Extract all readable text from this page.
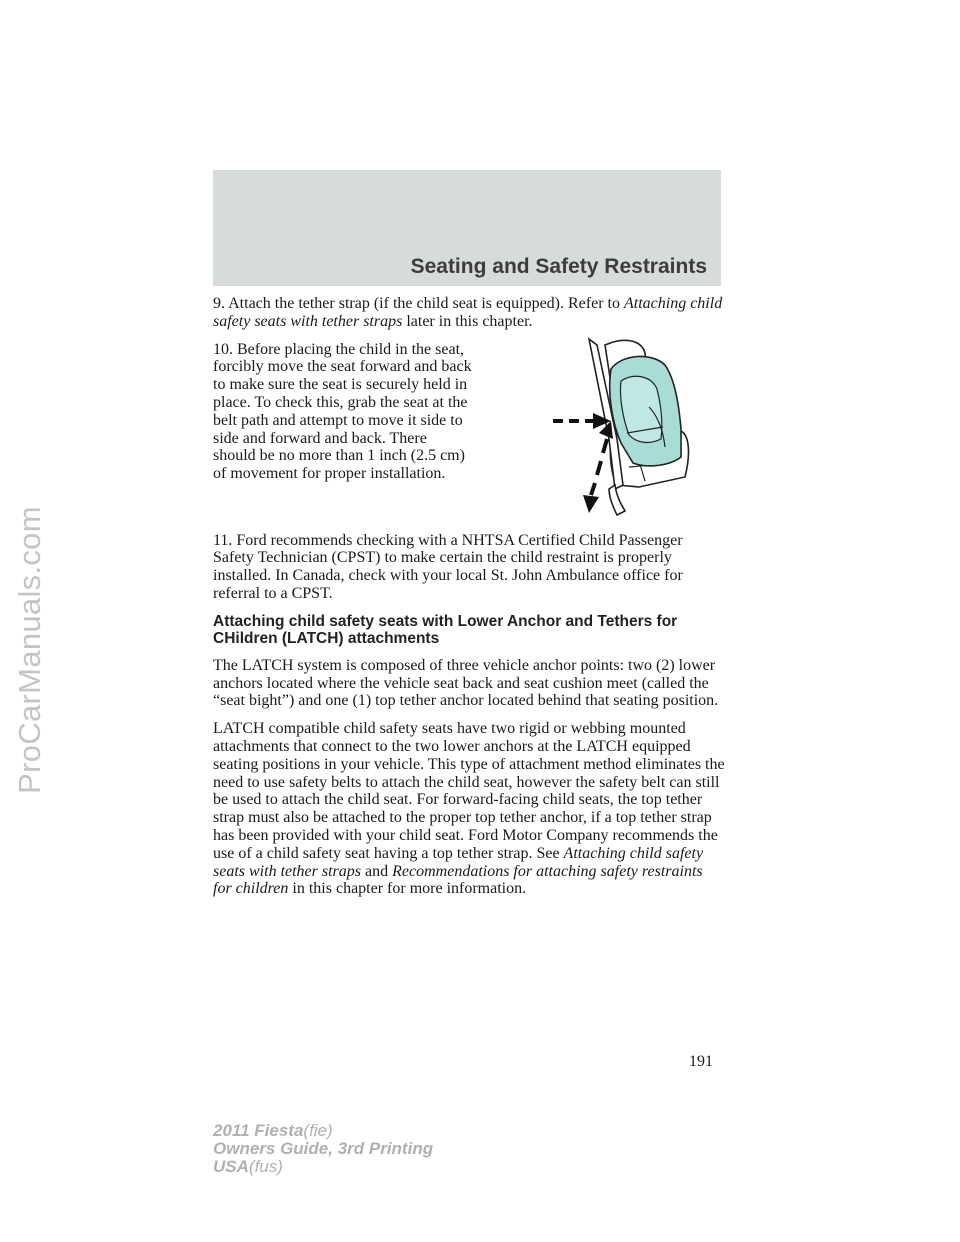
ProCarManuals.com
Seating and Safety Restraints

9. Attach the tether strap (if the child seat is equipped). Refer to Attaching child safety seats with tether straps later in this chapter.

10. Before placing the child in the seat, forcibly move the seat forward and back to make sure the seat is securely held in place. To check this, grab the seat at the belt path and attempt to move it side to side and forward and back. There should be no more than 1 inch (2.5 cm) of movement for proper installation.

11. Ford recommends checking with a NHTSA Certified Child Passenger Safety Technician (CPST) to make certain the child restraint is properly installed. In Canada, check with your local St. John Ambulance office for referral to a CPST.

Attaching child safety seats with Lower Anchor and Tethers for CHildren (LATCH) attachments

The LATCH system is composed of three vehicle anchor points: two (2) lower anchors located where the vehicle seat back and seat cushion meet (called the “seat bight”) and one (1) top tether anchor located behind that seating position.

LATCH compatible child safety seats have two rigid or webbing mounted attachments that connect to the two lower anchors at the LATCH equipped seating positions in your vehicle. This type of attachment method eliminates the need to use safety belts to attach the child seat, however the safety belt can still be used to attach the child seat. For forward-facing child seats, the top tether strap must also be attached to the proper top tether anchor, if a top tether strap has been provided with your child seat. Ford Motor Company recommends the use of a child safety seat having a top tether strap. See Attaching child safety seats with tether straps and Recommendations for attaching safety restraints for children in this chapter for more information.

191

2011 Fiesta(fie)
Owners Guide, 3rd Printing
USA(fus)
